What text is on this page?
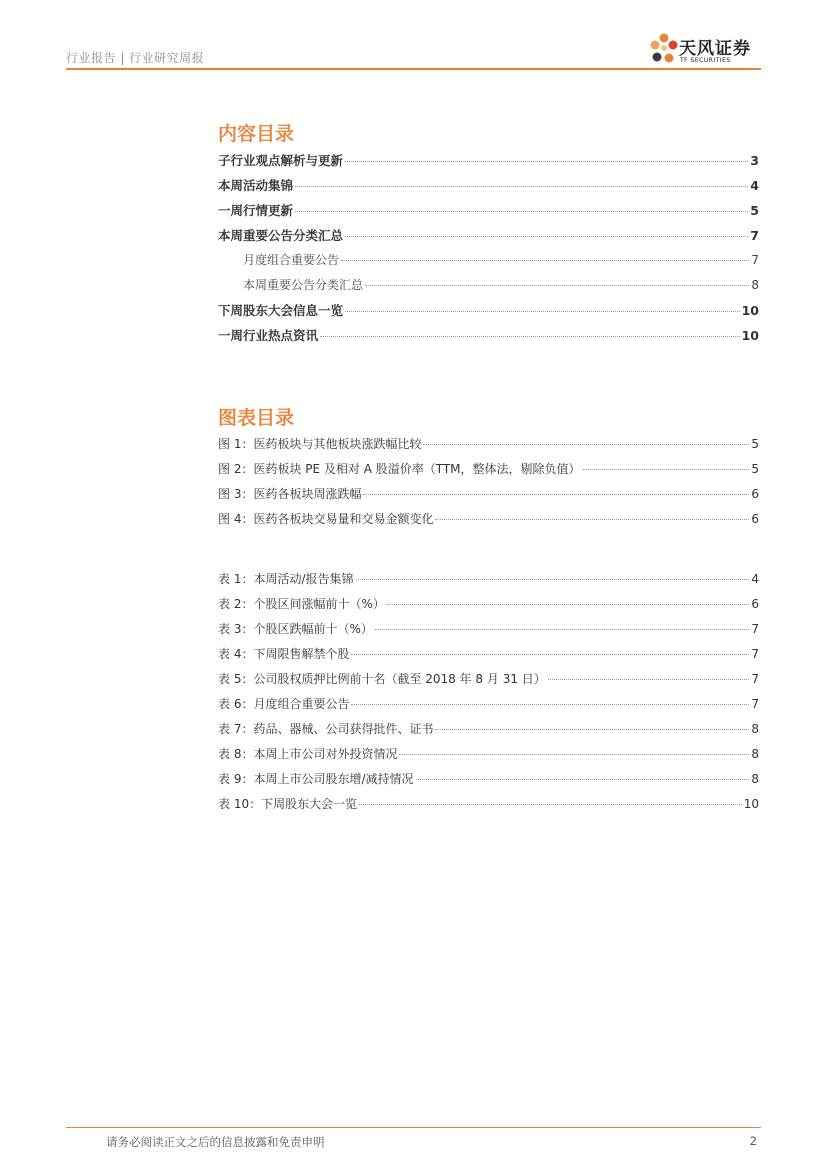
行业报告 | 行业研究周报	天风证券
TF SECURITIES
内容目录
子行业观点解析与更新	3
本周活动集锦	4
一周行情更新	5
本周重要公告分类汇总	7
月度组合重要公告	7
本周重要公告分类汇总	8
下周股东大会信息一览	10
一周行业热点资讯	10
图表目录
图 1：医药板块与其他板块涨跌幅比较	5
图 2：医药板块 PE 及相对 A 股溢价率（TTM，整体法，剔除负值）	5
图 3：医药各板块周涨跌幅	6
图 4：医药各板块交易量和交易金额变化	6
表 1：本周活动/报告集锦	4
表 2：个股区间涨幅前十（%）	6
表 3：个股区跌幅前十（%）	7
表 4：下周限售解禁个股	7
表 5：公司股权质押比例前十名（截至 2018 年 8 月 31 日）	7
表 6：月度组合重要公告	7
表 7：药品、器械、公司获得批件、证书	8
表 8：本周上市公司对外投资情况	8
表 9：本周上市公司股东增/减持情况	8
表 10：下周股东大会一览	10
请务必阅读正文之后的信息披露和免责申明	2
